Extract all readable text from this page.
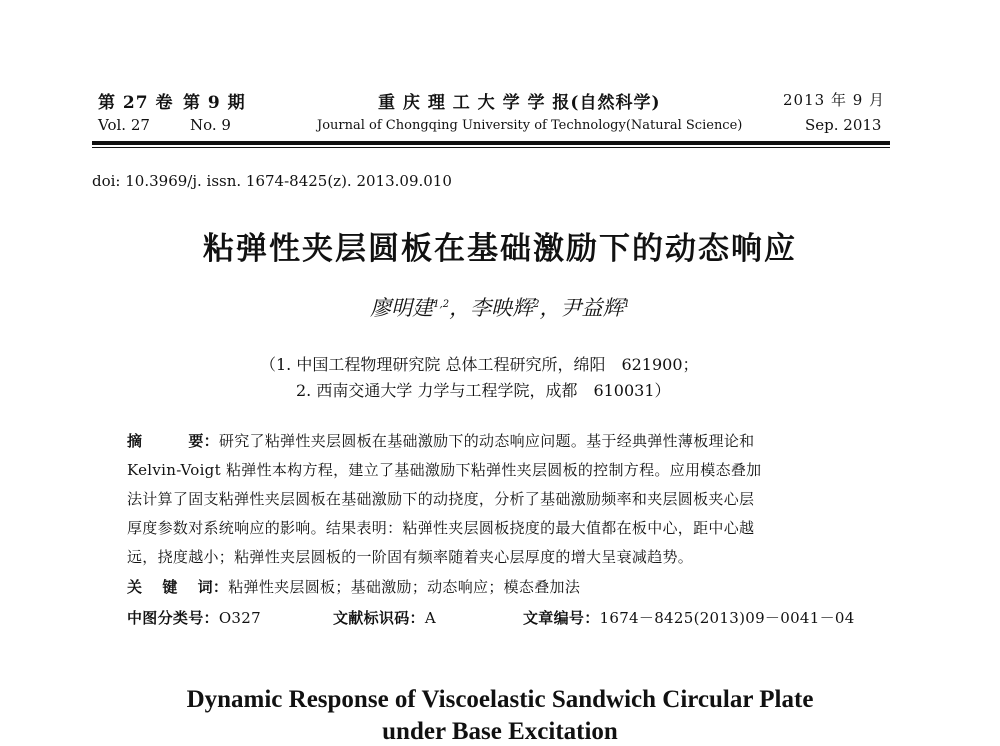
第 27 卷 第 9 期	重 庆 理 工 大 学 学 报(自然科学)	2013 年 9 月
Vol. 27	No. 9	Journal of Chongqing University of Technology(Natural Science)	Sep. 2013
doi: 10.3969/j. issn. 1674-8425(z). 2013.09.010
粘弹性夹层圆板在基础激励下的动态响应
廖明建$^{1,2}$，李映辉$^2$，尹益辉$^1$
（1. 中国工程物理研究院 总体工程研究所，绵阳　621900；
2. 西南交通大学 力学与工程学院，成都　610031）
摘	要：研究了粘弹性夹层圆板在基础激励下的动态响应问题。基于经典弹性薄板理论和
Kelvin-Voigt 粘弹性本构方程，建立了基础激励下粘弹性夹层圆板的控制方程。应用模态叠加
法计算了固支粘弹性夹层圆板在基础激励下的动挠度，分析了基础激励频率和夹层圆板夹心层
厚度参数对系统响应的影响。结果表明：粘弹性夹层圆板挠度的最大值都在板中心，距中心越
远，挠度越小；粘弹性夹层圆板的一阶固有频率随着夹心层厚度的增大呈衰减趋势。
关 键 词：粘弹性夹层圆板；基础激励；动态响应；模态叠加法
中图分类号：O327	文献标识码：A	文章编号：1674－8425(2013)09－0041－04
Dynamic Response of Viscoelastic Sandwich Circular Plate
under Base Excitation
